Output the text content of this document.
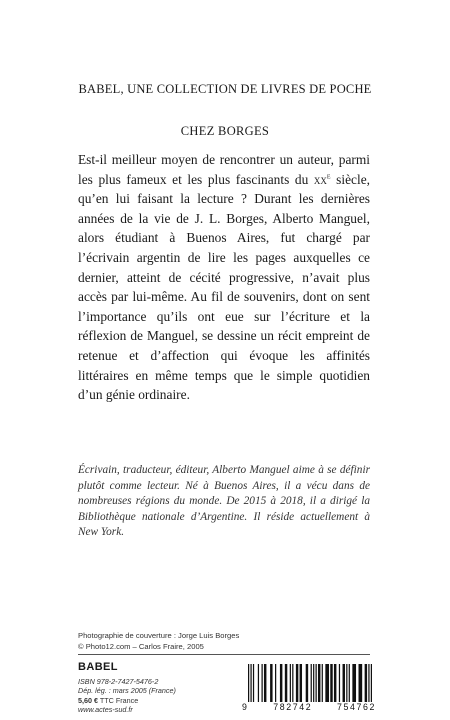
BABEL, UNE COLLECTION DE LIVRES DE POCHE
CHEZ BORGES

Est-il meilleur moyen de rencontrer un auteur, parmi les plus fameux et les plus fascinants du $xx^e$ siècle, qu’en lui faisant la lecture ? Durant les dernières années de la vie de J. L. Borges, Alberto Manguel, alors étudiant à Buenos Aires, fut chargé par l’écrivain argentin de lire les pages auxquelles ce dernier, atteint de cécité progressive, n’avait plus accès par lui-même. Au fil de souvenirs, dont on sent l’importance qu’ils ont eue sur l’écriture et la réflexion de Manguel, se dessine un récit empreint de retenue et d’affection qui évoque les affinités littéraires en même temps que le simple quotidien d’un génie ordinaire.

Écrivain, traducteur, éditeur, Alberto Manguel aime à se définir plutôt comme lecteur. Né à Buenos Aires, il a vécu dans de nombreuses régions du monde. De 2015 à 2018, il a dirigé la Bibliothèque nationale d’Argentine. Il réside actuellement à New York.

Photographie de couverture : Jorge Luis Borges
© Photo12.com – Carlos Fraire, 2005
BABEL
ISBN 978-2-7427-5476-2
Dép. lég. : mars 2005 (France)
5,60 € TTC France
www.actes-sud.fr	9	782742	754762
